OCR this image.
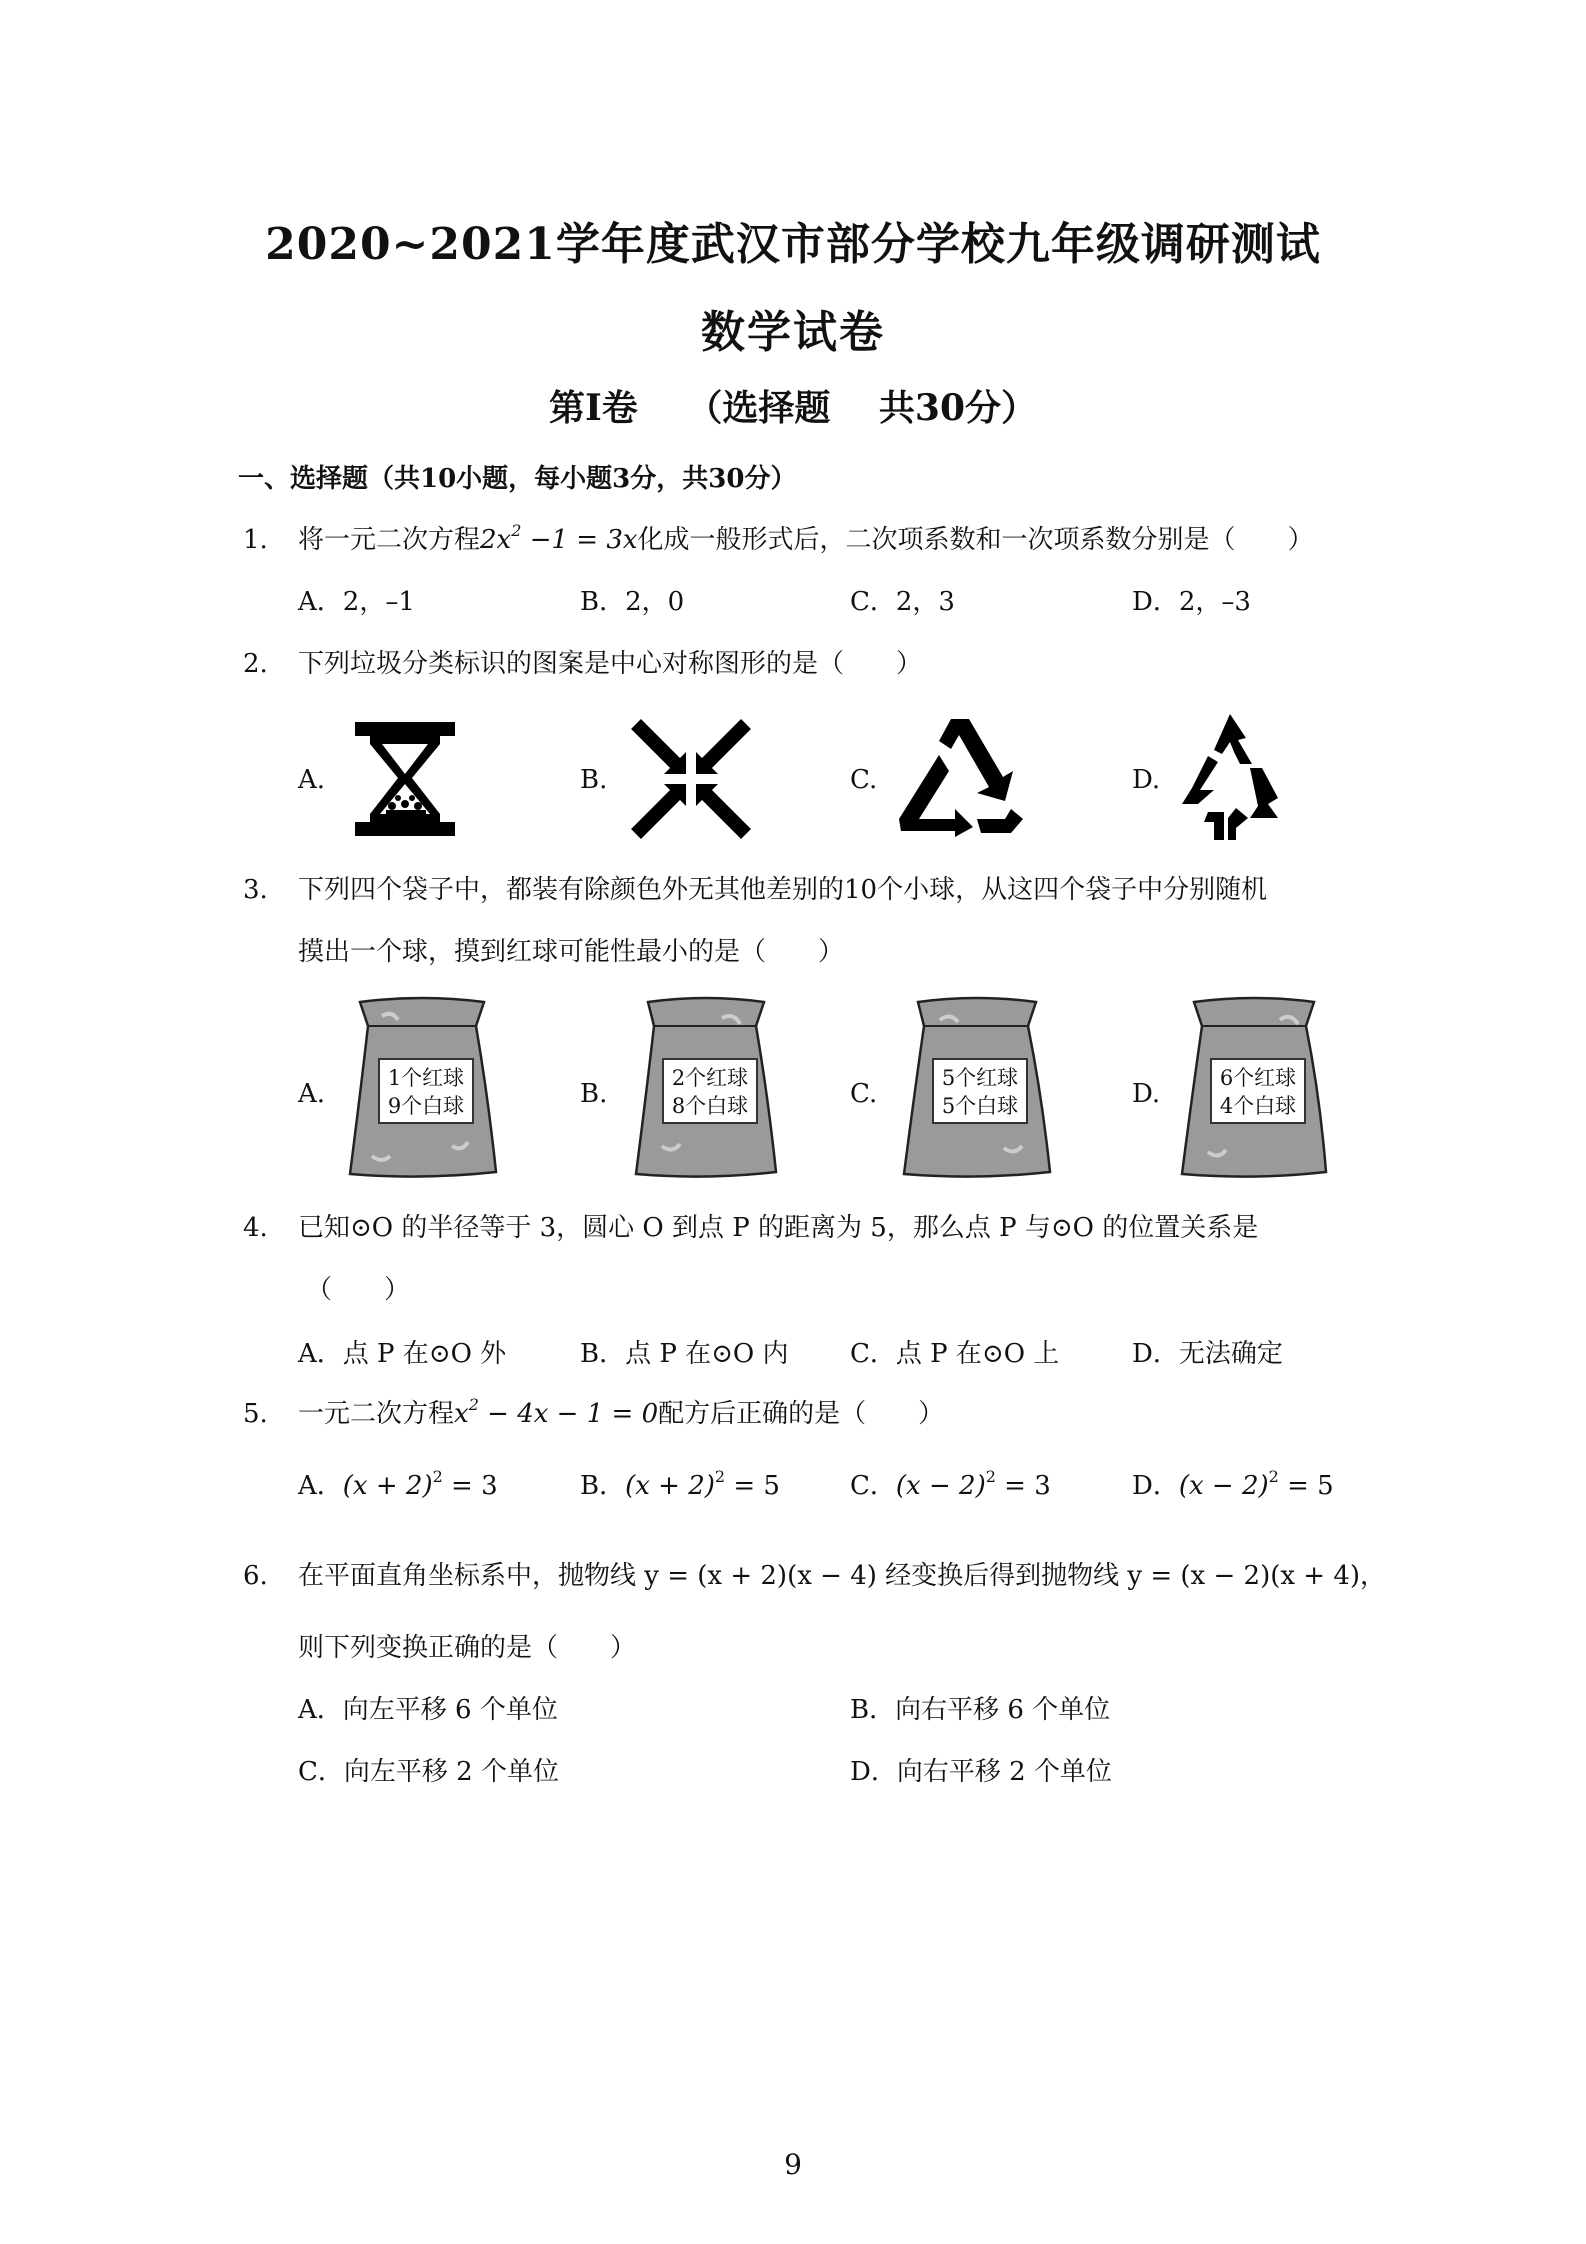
2020~2021学年度武汉市部分学校九年级调研测试
数学试卷
第Ⅰ卷 （选择题 共30分）
一、选择题（共10小题，每小题3分，共30分）
1. 将一元二次方程$2x^2 -1 = 3x$化成一般形式后，二次项系数和一次项系数分别是（ ）
A．2，–1	B．2，0	C．2，3	D．2，–3
2. 下列垃圾分类标识的图案是中心对称图形的是（ ）
A.	B.	C.	D.
3. 下列四个袋子中，都装有除颜色外无其他差别的10个小球，从这四个袋子中分别随机
摸出一个球，摸到红球可能性最小的是（ ）
A.	B.	C.	D.
1个红球
9个白球
2个红球
8个白球
5个红球
5个白球
6个红球
4个白球
4. 已知⊙O 的半径等于 3，圆心 O 到点 P 的距离为 5，那么点 P 与⊙O 的位置关系是
（ ）
A．点 P 在⊙O 外	B．点 P 在⊙O 内 C．点 P 在⊙O 上	D．无法确定
5. 一元二次方程$x^2 - 4x - 1 = 0$配方后正确的是（ ）
A．$(x + 2)^2 = 3$	B．$(x + 2)^2 = 5$	C．$(x - 2)^2 = 3$	D．$(x - 2)^2 = 5$
6. 在平面直角坐标系中，抛物线 y = (x + 2)(x − 4) 经变换后得到抛物线 y = (x − 2)(x + 4)，
则下列变换正确的是（ ）
A．向左平移 6 个单位	B．向右平移 6 个单位
C．向左平移 2 个单位	D．向右平移 2 个单位
9
